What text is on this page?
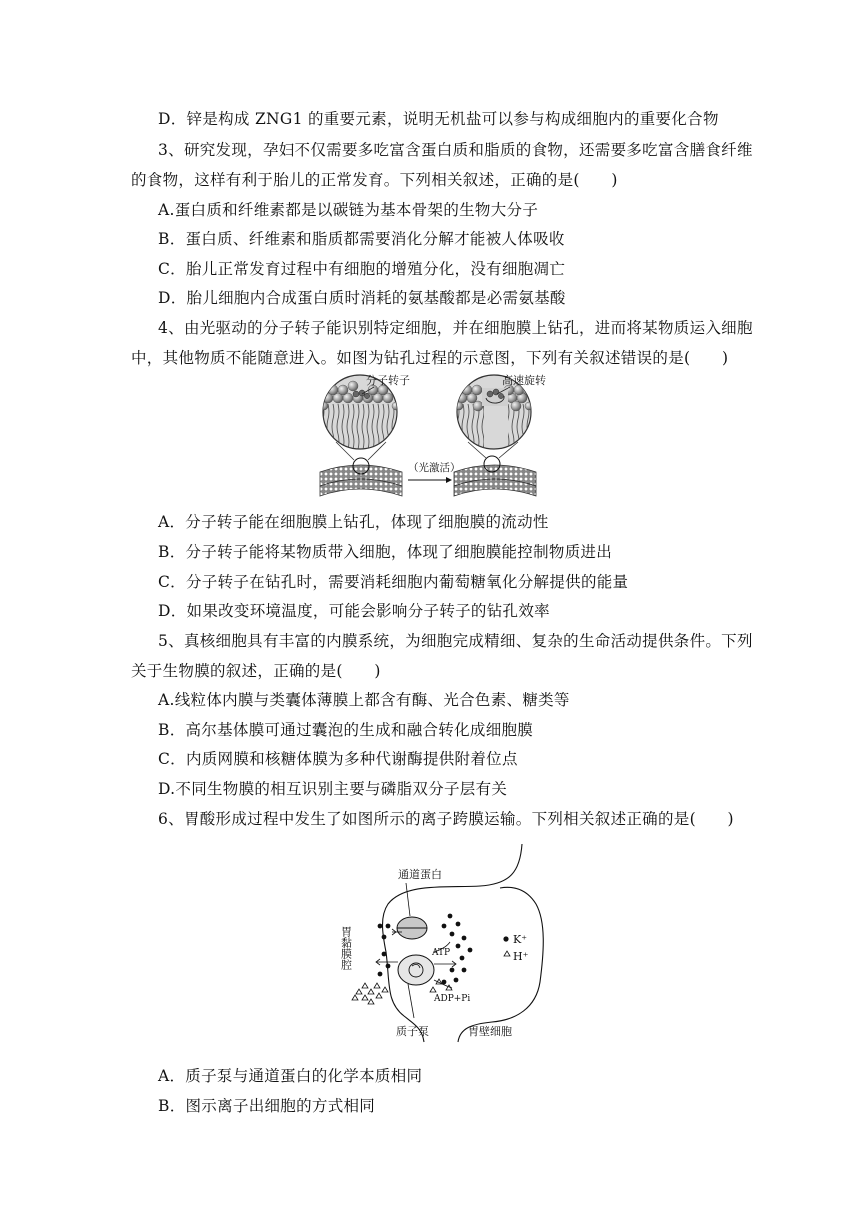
D．锌是构成 ZNG1 的重要元素，说明无机盐可以参与构成细胞内的重要化合物
3、研究发现，孕妇不仅需要多吃富含蛋白质和脂质的食物，还需要多吃富含膳食纤维
的食物，这样有利于胎儿的正常发育。下列相关叙述，正确的是(　　)
A.蛋白质和纤维素都是以碳链为基本骨架的生物大分子
B．蛋白质、纤维素和脂质都需要消化分解才能被人体吸收
C．胎儿正常发育过程中有细胞的增殖分化，没有细胞凋亡
D．胎儿细胞内合成蛋白质时消耗的氨基酸都是必需氨基酸
4、由光驱动的分子转子能识别特定细胞，并在细胞膜上钻孔，进而将某物质运入细胞
中，其他物质不能随意进入。如图为钻孔过程的示意图，下列有关叙述错误的是(　　)
分子转子	高速旋转
（光激活）
A．分子转子能在细胞膜上钻孔，体现了细胞膜的流动性
B．分子转子能将某物质带入细胞，体现了细胞膜能控制物质进出
C．分子转子在钻孔时，需要消耗细胞内葡萄糖氧化分解提供的能量
D．如果改变环境温度，可能会影响分子转子的钻孔效率
5、真核细胞具有丰富的内膜系统，为细胞完成精细、复杂的生命活动提供条件。下列
关于生物膜的叙述，正确的是(　　)
A.线粒体内膜与类囊体薄膜上都含有酶、光合色素、糖类等
B．高尔基体膜可通过囊泡的生成和融合转化成细胞膜
C．内质网膜和核糖体膜为多种代谢酶提供附着位点
D.不同生物膜的相互识别主要与磷脂双分子层有关
6、胃酸形成过程中发生了如图所示的离子跨膜运输。下列相关叙述正确的是(　　)
通道蛋白
胃黏膜腔	ATP
ADP+Pi
K⁺
H⁺
质子泵	胃壁细胞
A．质子泵与通道蛋白的化学本质相同
B．图示离子出细胞的方式相同
